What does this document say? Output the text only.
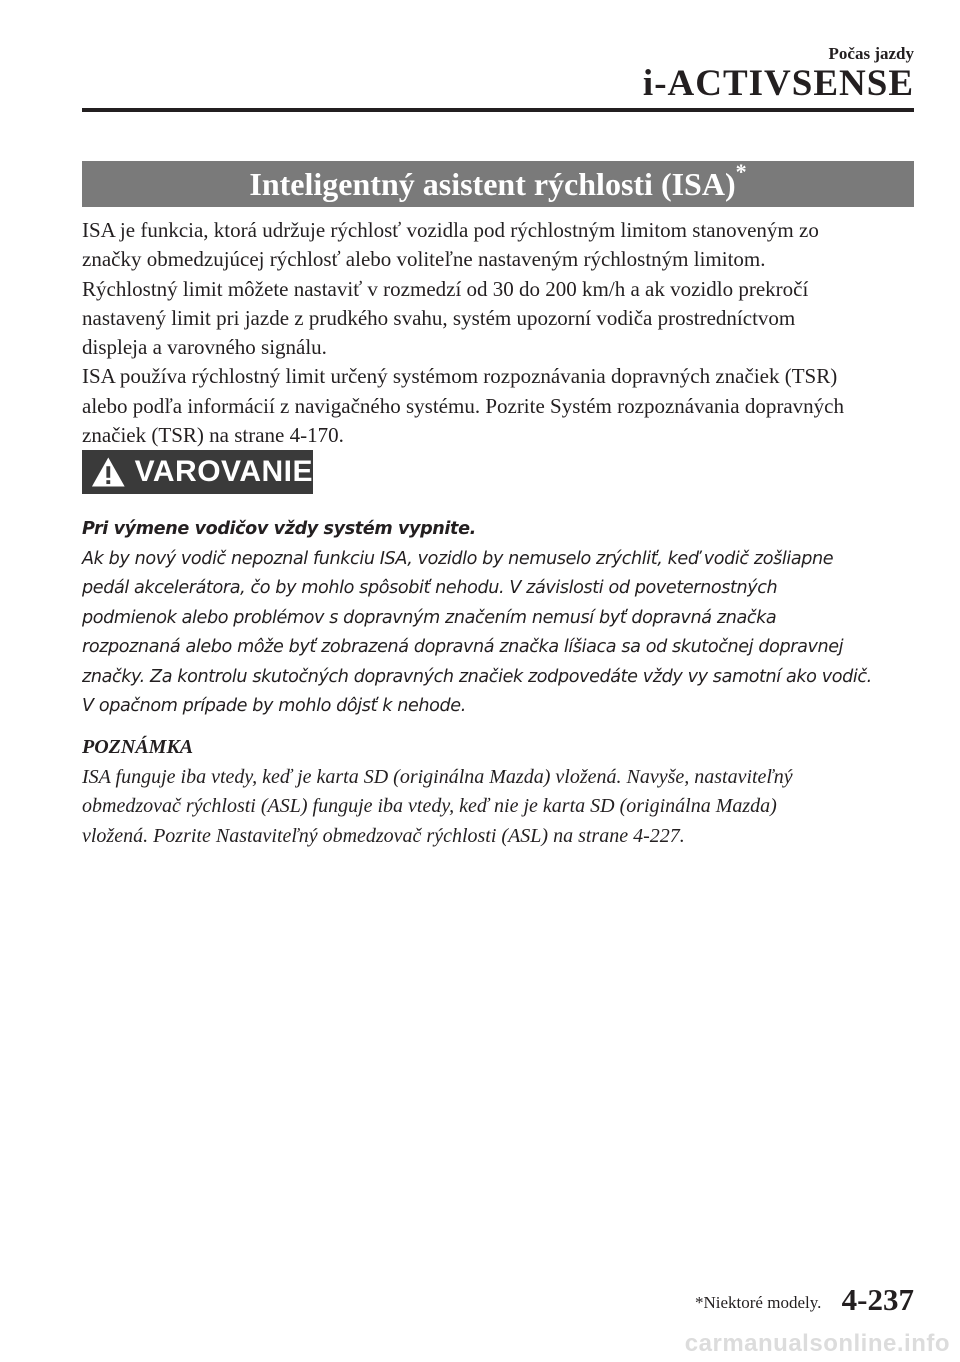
Počas jazdy
i-ACTIVSENSE
Inteligentný asistent rýchlosti (ISA)*

ISA je funkcia, ktorá udržuje rýchlosť vozidla pod rýchlostným limitom stanoveným zo

značky obmedzujúcej rýchlosť alebo voliteľne nastaveným rýchlostným limitom.

Rýchlostný limit môžete nastaviť v rozmedzí od 30 do 200 km/h a ak vozidlo prekročí

nastavený limit pri jazde z prudkého svahu, systém upozorní vodiča prostredníctvom

displeja a varovného signálu.

ISA používa rýchlostný limit určený systémom rozpoznávania dopravných značiek (TSR)

alebo podľa informácií z navigačného systému. Pozrite Systém rozpoznávania dopravných

značiek (TSR) na strane 4-170.

VAROVANIE

Pri výmene vodičov vždy systém vypnite.

Ak by nový vodič nepoznal funkciu ISA, vozidlo by nemuselo zrýchliť, keď vodič zošliapne

pedál akcelerátora, čo by mohlo spôsobiť nehodu. V závislosti od poveternostných

podmienok alebo problémov s dopravným značením nemusí byť dopravná značka

rozpoznaná alebo môže byť zobrazená dopravná značka líšiaca sa od skutočnej dopravnej

značky. Za kontrolu skutočných dopravných značiek zodpovedáte vždy vy samotní ako vodič.

V opačnom prípade by mohlo dôjsť k nehode.

POZNÁMKA

ISA funguje iba vtedy, keď je karta SD (originálna Mazda) vložená. Navyše, nastaviteľný

obmedzovač rýchlosti (ASL) funguje iba vtedy, keď nie je karta SD (originálna Mazda)

vložená. Pozrite Nastaviteľný obmedzovač rýchlosti (ASL) na strane 4-227.

*Niektoré modely. 4-237
carmanualsonline.info
